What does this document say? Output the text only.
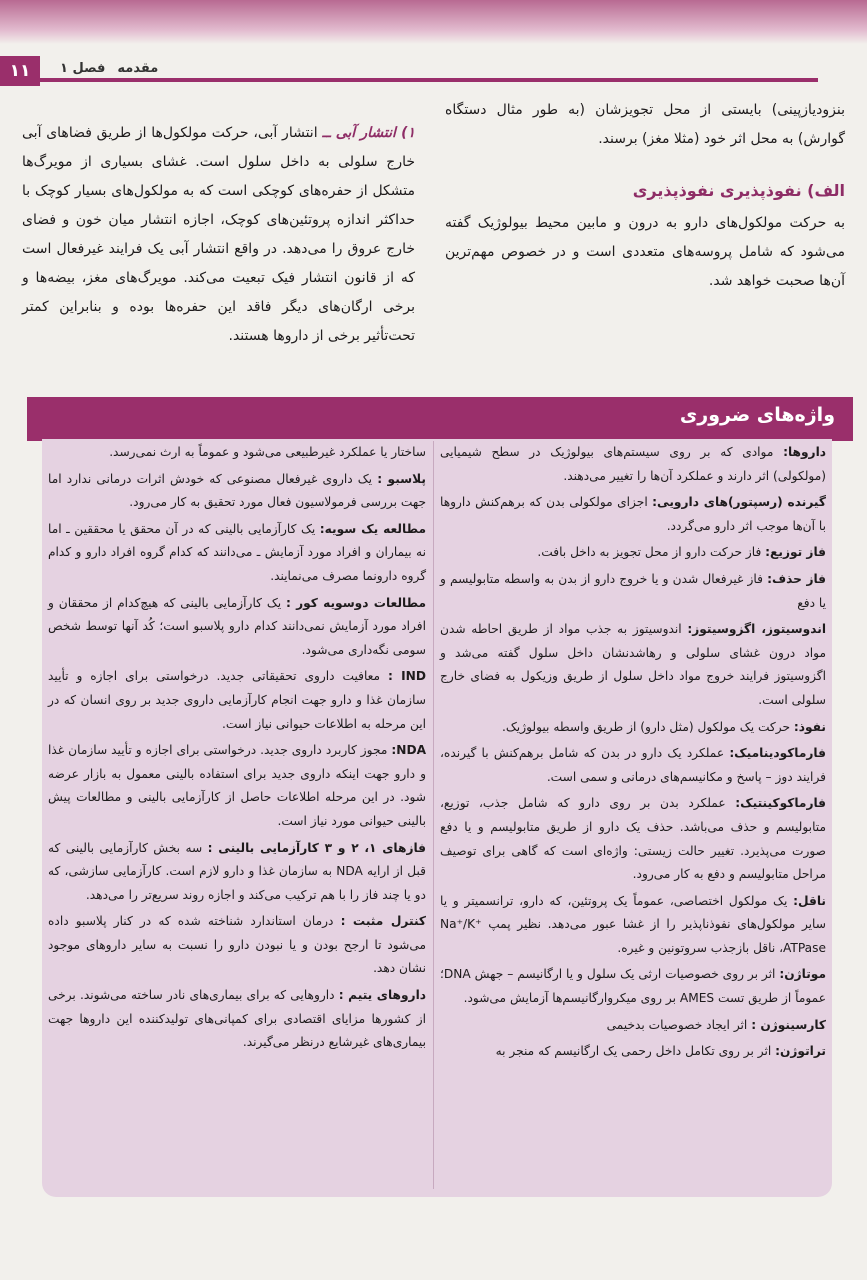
۱۱	فصل ۱ مقدمه

بنزودیازپینی) بایستی از محل تجویزشان (به طور مثال دستگاه گوارش) به محل اثر خود (مثلا مغز) برسند.

الف) نفوذپذیری نفوذپذیری

به حرکت مولکول‌های دارو به درون و مابین محیط بیولوژیک گفته می‌شود که شامل پروسه‌های متعددی است و در خصوص مهم‌ترین آن‌ها صحبت خواهد شد.

۱) انتشار آبی ــ انتشار آبی، حرکت مولکول‌ها از طریق فضاهای آبی خارج سلولی به داخل سلول است. غشای بسیاری از مویرگ‌ها متشکل از حفره‌های کوچکی است که به مولکول‌های بسیار کوچک با حداکثر اندازه پروتئین‌های کوچک، اجازه انتشار میان خون و فضای خارج عروق را می‌دهد. در واقع انتشار آبی یک فرایند غیرفعال است که از قانون انتشار فیک تبعیت می‌کند. مویرگ‌های مغز، بیضه‌ها و برخی ارگان‌های دیگر فاقد این حفره‌ها بوده و بنابراین کمتر تحت‌تأثیر برخی از داروها هستند.

واژه‌های ضروری
داروها: موادی که بر روی سیستم‌های بیولوژیک در سطح شیمیایی (مولکولی) اثر دارند و عملکرد آن‌ها را تغییر می‌دهند.
گیرنده (رسپتور)های دارویی: اجزای مولکولی بدن که برهم‌کنش داروها با آن‌ها موجب اثر دارو می‌گردد.
فاز توزیع: فاز حرکت دارو از محل تجویز به داخل بافت.
فاز حذف: فاز غیرفعال شدن و یا خروج دارو از بدن به واسطه متابولیسم و یا دفع
اندوسیتوز، اگزوسیتوز: اندوسیتوز به جذب مواد از طریق احاطه شدن مواد درون غشای سلولی و رهاشدنشان داخل سلول گفته می‌شد و اگزوسیتوز فرایند خروج مواد داخل سلول از طریق وزیکول به فضای خارج سلولی است.
نفوذ: حرکت یک مولکول (مثل دارو) از طریق واسطه بیولوژیک.
فارماکودینامیک: عملکرد یک دارو در بدن که شامل برهم‌کنش با گیرنده، فرایند دوز – پاسخ و مکانیسم‌های درمانی و سمی است.
فارماکوکینتیک: عملکرد بدن بر روی دارو که شامل جذب، توزیع، متابولیسم و حذف می‌باشد. حذف یک دارو از طریق متابولیسم و یا دفع صورت می‌پذیرد. تغییر حالت زیستی: واژه‌ای است که گاهی برای توصیف مراحل متابولیسم و دفع به کار می‌رود.
ناقل: یک مولکول اختصاصی، عموماً یک پروتئین، که دارو، ترانسمیتر و یا سایر مولکول‌های نفوذناپذیر را از غشا عبور می‌دهد. نظیر پمپ ‎Na⁺/K⁺ ATPase‎، ناقل بازجذب سروتونین و غیره.
موتاژن: اثر بر روی خصوصیات ارثی یک سلول و یا ارگانیسم – جهش ‎DNA‎؛ عموماً از طریق تست ‎AMES‎ بر روی میکروارگانیسم‌ها آزمایش می‌شود.
کارسینوژن : اثر ایجاد خصوصیات بدخیمی
تراتوژن: اثر بر روی تکامل داخل رحمی یک ارگانیسم که منجر به
ساختار یا عملکرد غیرطبیعی می‌شود و عموماً به ارث نمی‌رسد.
پلاسبو : یک داروی غیرفعال مصنوعی که خودش اثرات درمانی ندارد اما جهت بررسی فرمولاسیون فعال مورد تحقیق به کار می‌رود.
مطالعه یک سویه: یک کارآزمایی بالینی که در آن محقق یا محققین ـ اما نه بیماران و افراد مورد آزمایش ـ می‌دانند که کدام گروه افراد دارو و کدام گروه دارونما مصرف می‌نمایند.
مطالعات دوسویه کور : یک کارآزمایی بالینی که هیچ‌کدام از محققان و افراد مورد آزمایش نمی‌دانند کدام دارو پلاسبو است؛ کُد آنها توسط شخص سومی نگه‌داری می‌شود.
IND : معافیت داروی تحقیقاتی جدید. درخواستی برای اجازه و تأیید سازمان غذا و دارو جهت انجام کارآزمایی داروی جدید بر روی انسان که در این مرحله به اطلاعات حیوانی نیاز است.
NDA: مجوز کاربرد داروی جدید. درخواستی برای اجازه و تأیید سازمان غذا و دارو جهت اینکه داروی جدید برای استفاده بالینی معمول به بازار عرضه شود. در این مرحله اطلاعات حاصل از کارآزمایی بالینی و مطالعات پیش بالینی حیوانی مورد نیاز است.
فازهای ۱، ۲ و ۳ کارآزمایی بالینی : سه بخش کارآزمایی بالینی که قبل از ارایه NDA به سازمان غذا و دارو لازم است. کارآزمایی سازشی، که دو یا چند فاز را با هم ترکیب می‌کند و اجازه روند سریع‌تر را می‌دهد.
کنترل مثبت : درمان استاندارد شناخته شده که در کنار پلاسبو داده می‌شود تا ارجح بودن و یا نبودن دارو را نسبت به سایر داروهای موجود نشان دهد.
داروهای یتیم : داروهایی که برای بیماری‌های نادر ساخته می‌شوند. برخی از کشورها مزایای اقتصادی برای کمپانی‌های تولیدکننده این داروها جهت بیماری‌های غیرشایع درنظر می‌گیرند.
